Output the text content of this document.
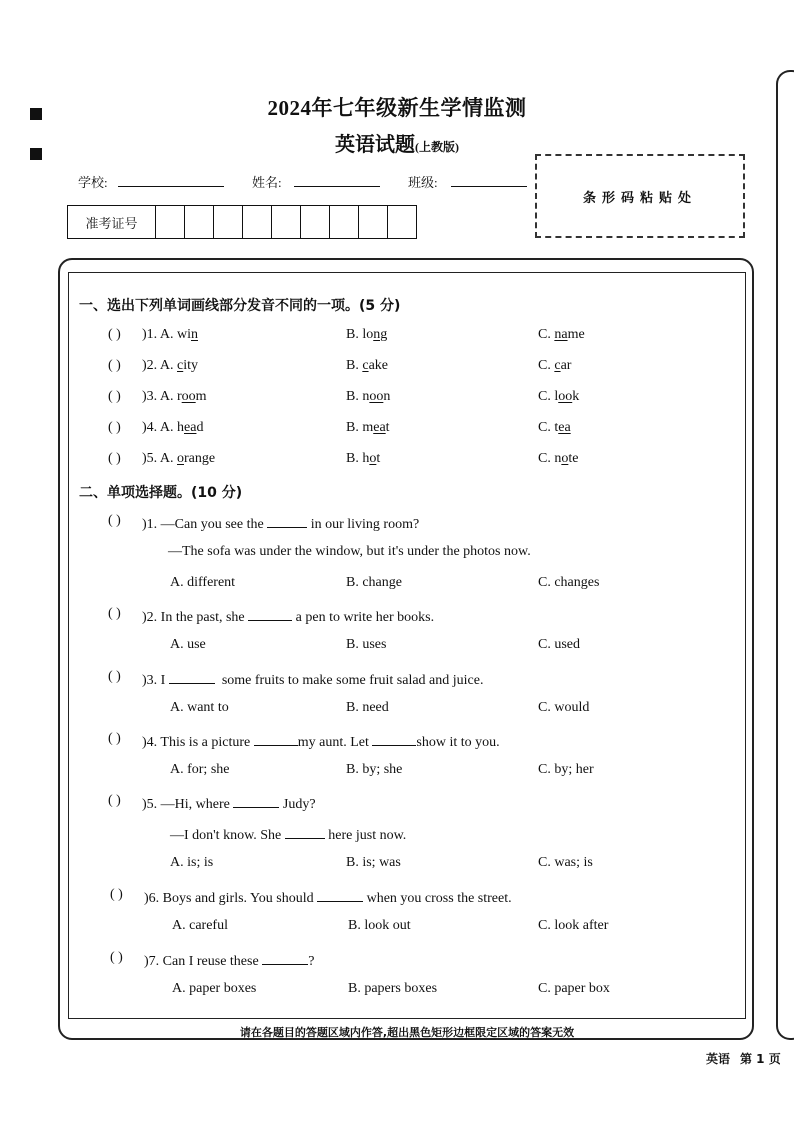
2024年七年级新生学情监测
英语试题(上教版)
学校:	姓名:	班级:
条形码粘贴处
准考证号
一、选出下列单词画线部分发音不同的一项。(5 分)
( ) )1. A. win	B. long	C. name
( ) )2. A. city	B. cake	C. car
( ) )3. A. room	B. noon	C. look
( ) )4. A. head	B. meat	C. tea
( ) )5. A. orange	B. hot	C. note
二、单项选择题。(10 分)
( ) )1. —Can you see the	in our living room?
—The sofa was under the window, but it's under the photos now.
A. different	B. change	C. changes
( ) )2. In the past, she	a pen to write her books.
A. use	B. uses	C. used
( ) )3. I	some fruits to make some fruit salad and juice.
A. want to	B. need	C. would
( ) )4. This is a picture	my aunt. Let	show it to you.
A. for; she	B. by; she	C. by; her
( ) )5. —Hi, where	Judy?
—I don't know. She	here just now.
A. is; is	B. is; was	C. was; is
( ) )6. Boys and girls. You should	when you cross the street.
A. careful	B. look out	C. look after
( ) )7. Can I reuse these	?
A. paper boxes	B. papers boxes	C. paper box
请在各题目的答题区域内作答,超出黑色矩形边框限定区域的答案无效
英语 第 1 页
